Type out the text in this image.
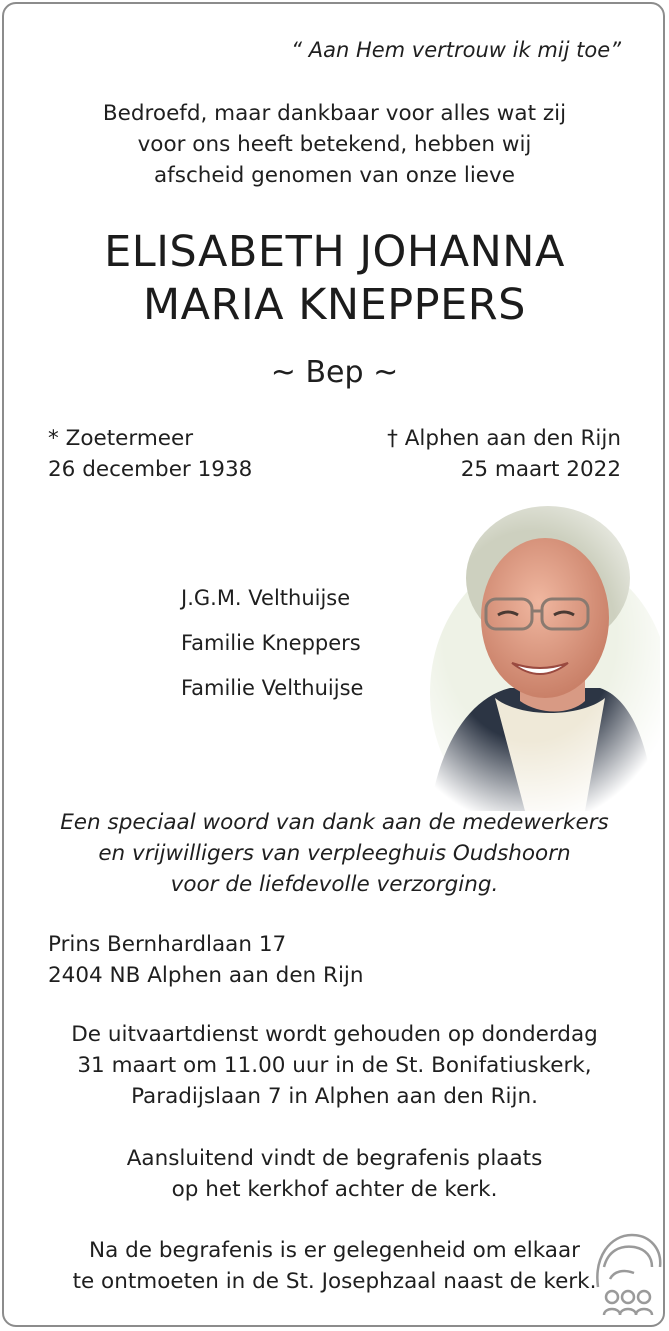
“ Aan Hem vertrouw ik mij toe”
Bedroefd, maar dankbaar voor alles wat zij
voor ons heeft betekend, hebben wij
afscheid genomen van onze lieve
ELISABETH JOHANNA
MARIA KNEPPERS
~ Bep ~
* Zoetermeer
26 december 1938
† Alphen aan den Rijn
25 maart 2022
J.G.M. Velthuijse
Familie Kneppers
Familie Velthuijse
Een speciaal woord van dank aan de medewerkers
en vrijwilligers van verpleeghuis Oudshoorn
voor de liefdevolle verzorging.
Prins Bernhardlaan 17
2404 NB Alphen aan den Rijn
De uitvaartdienst wordt gehouden op donderdag
31 maart om 11.00 uur in de St. Bonifatiuskerk,
Paradijslaan 7 in Alphen aan den Rijn.
Aansluitend vindt de begrafenis plaats
op het kerkhof achter de kerk.
Na de begrafenis is er gelegenheid om elkaar
te ontmoeten in de St. Josephzaal naast de kerk.
